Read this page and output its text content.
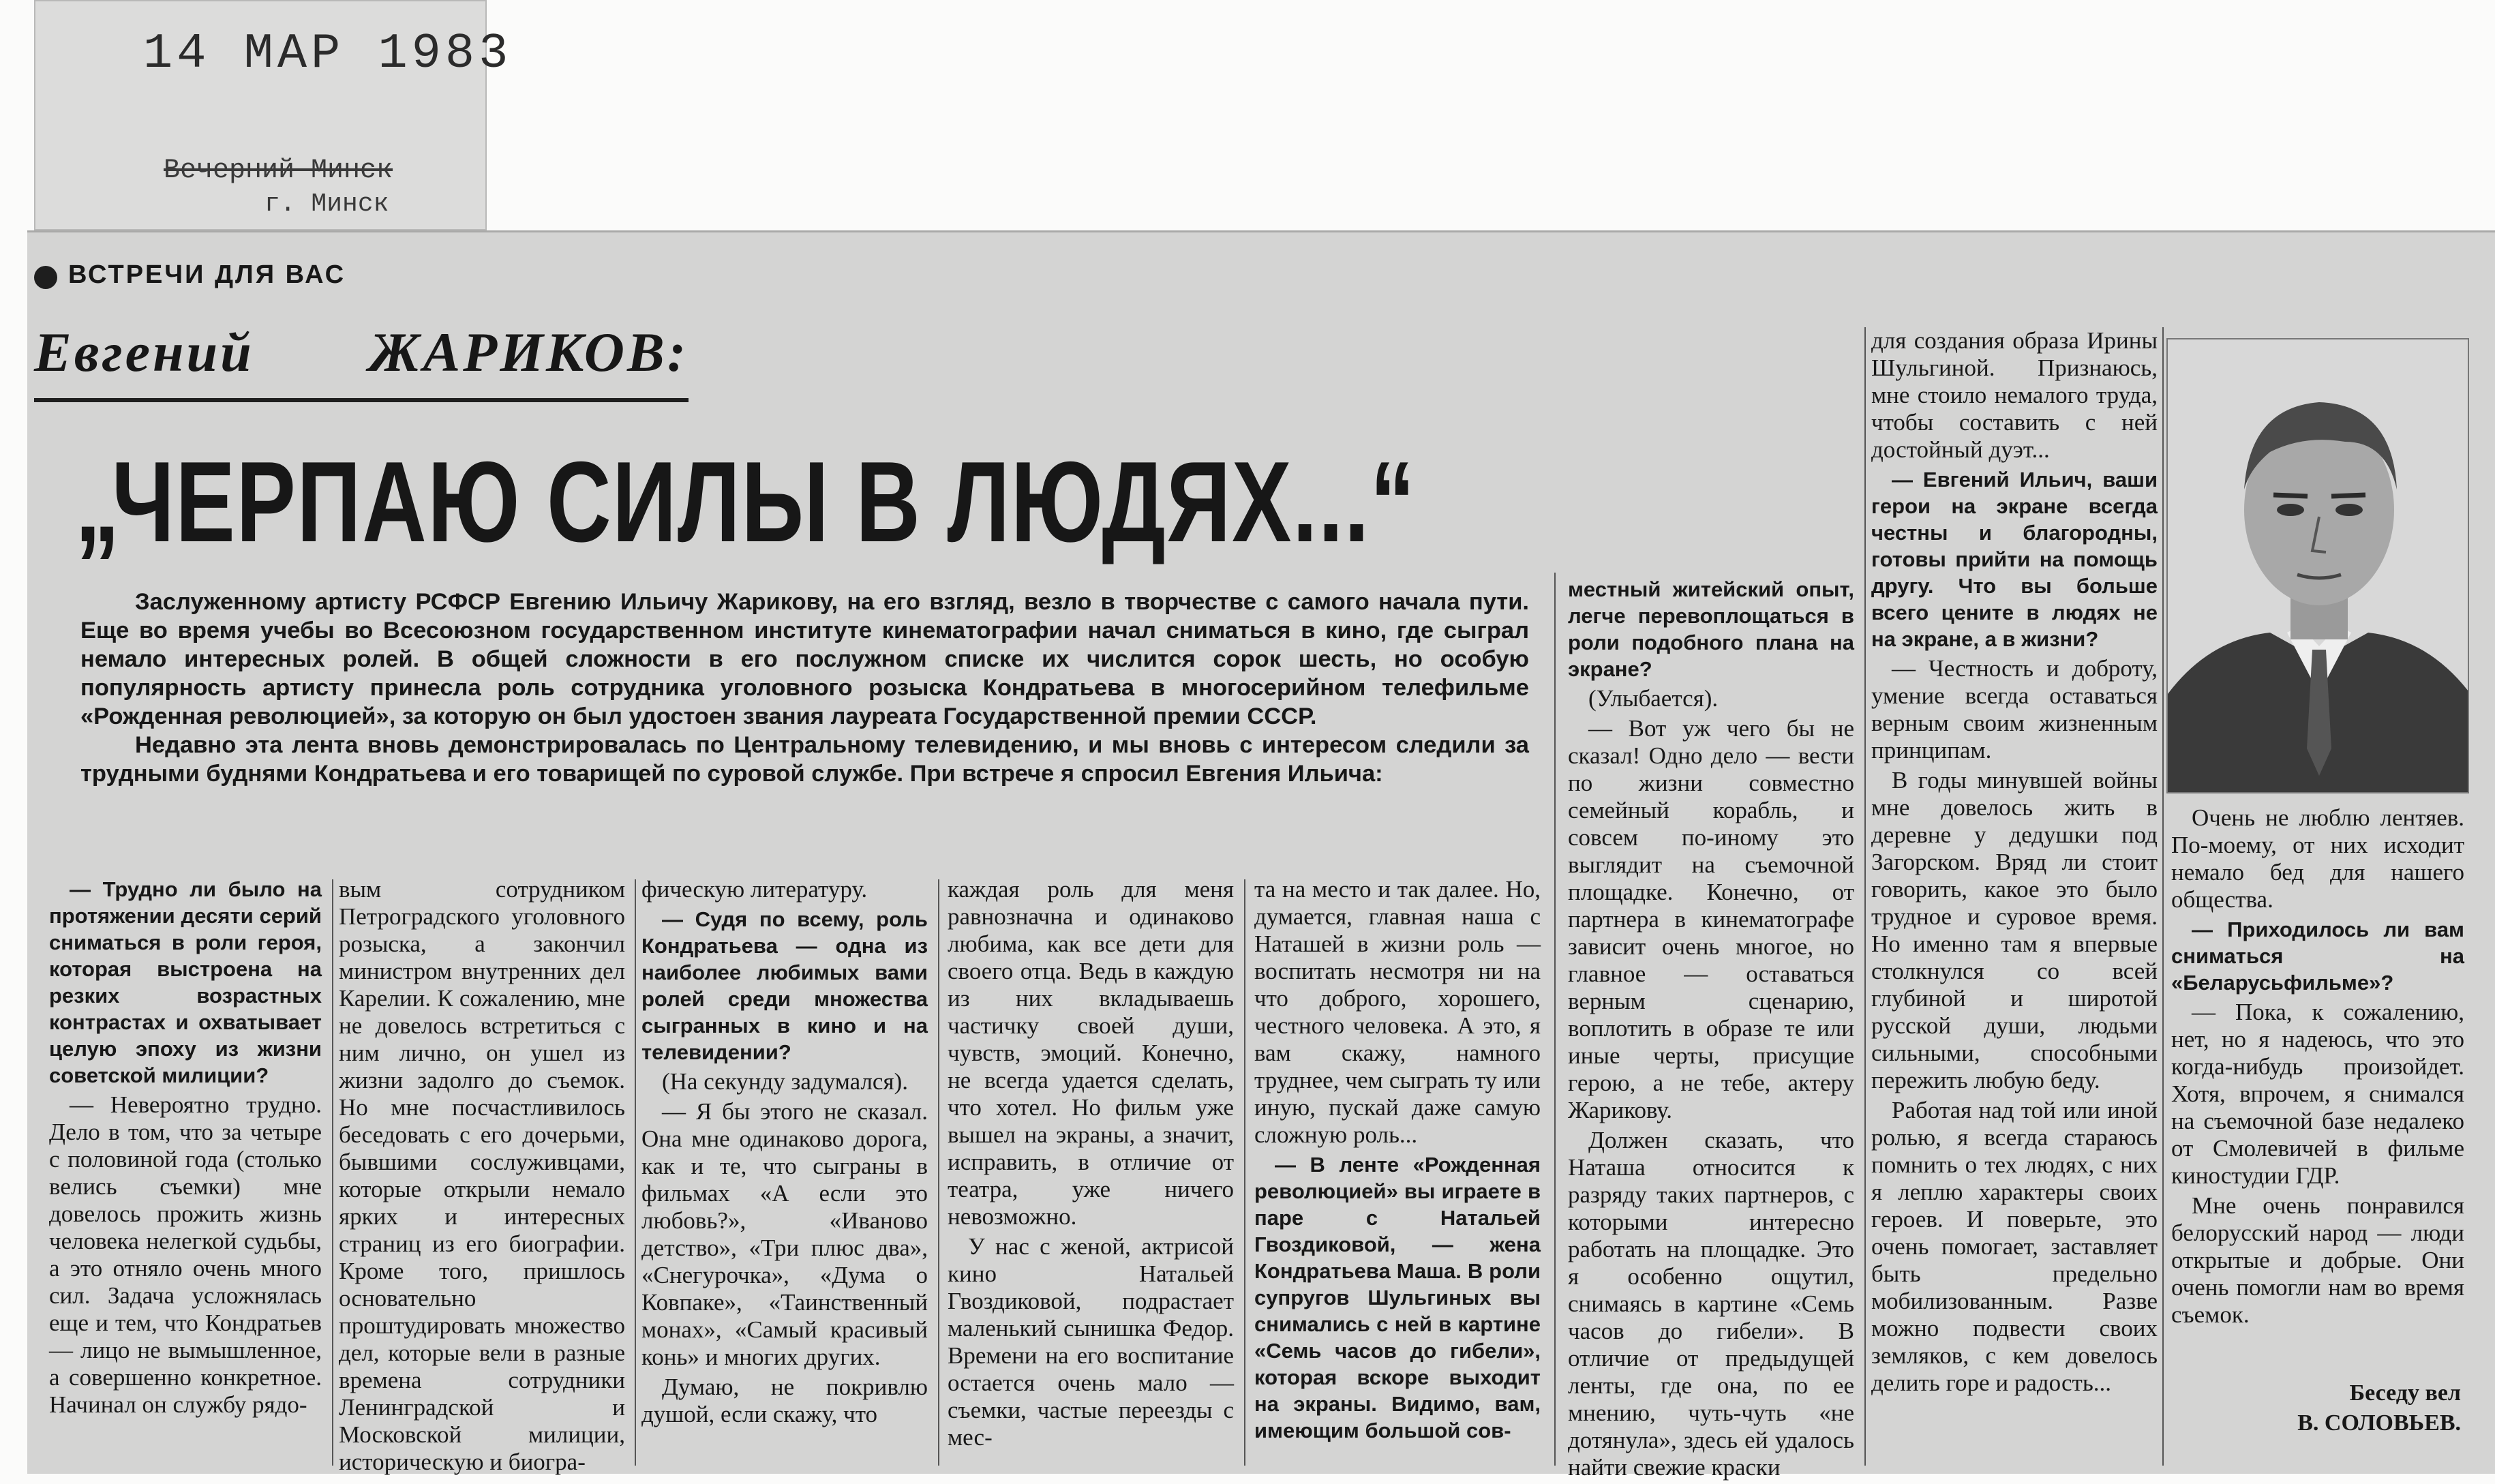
14 МАР 1983
Вечерний Минск
г. Минск
ВСТРЕЧИ ДЛЯ ВАС
Евгений ЖАРИКОВ:
„ЧЕРПАЮ СИЛЫ В ЛЮДЯХ...“

Заслуженному артисту РСФСР Евгению Ильичу Жарикову, на его взгляд, везло в творчестве с самого начала пути. Еще во время учебы во Всесоюзном государственном институте кинематографии начал сниматься в кино, где сыграл немало интересных ролей. В общей сложности в его послужном списке их числится сорок шесть, но особую популярность артисту принесла роль сотрудника уголовного розыска Кондратьева в многосерийном телефильме «Рожденная революцией», за которую он был удостоен звания лауреата Государственной премии СССР.

Недавно эта лента вновь демонстрировалась по Центральному телевидению, и мы вновь с интересом следили за трудными буднями Кондратьева и его товарищей по суровой службе. При встрече я спросил Евгения Ильича:

— Трудно ли было на протяжении десяти серий сниматься в роли героя, которая выстроена на резких возрастных контрастах и охватывает целую эпоху из жизни советской милиции?

— Невероятно трудно. Дело в том, что за четыре с половиной года (столько велись съемки) мне довелось прожить жизнь человека нелегкой судьбы, а это отняло очень много сил. Задача усложнялась еще и тем, что Кондратьев — лицо не вымышленное, а совершенно конкретное. Начинал он службу рядо-

вым сотрудником Петроградского уголовного розыска, а закончил министром внутренних дел Карелии. К сожалению, мне не довелось встретиться с ним лично, он ушел из жизни задолго до съемок. Но мне посчастливилось беседовать с его дочерьми, бывшими сослуживцами, которые открыли немало ярких и интересных страниц из его биографии. Кроме того, пришлось основательно проштудировать множество дел, которые вели в разные времена сотрудники Ленинградской и Московской милиции, историческую и биогра-

фическую литературу.

— Судя по всему, роль Кондратьева — одна из наиболее любимых вами ролей среди множества сыгранных в кино и на телевидении?

(На секунду задумался).

— Я бы этого не сказал. Она мне одинаково дорога, как и те, что сыграны в фильмах «А если это любовь?», «Иваново детство», «Три плюс два», «Снегурочка», «Дума о Ковпаке», «Таинственный монах», «Самый красивый конь» и многих других.

Думаю, не покривлю душой, если скажу, что

каждая роль для меня равнозначна и одинаково любима, как все дети для своего отца. Ведь в каждую из них вкладываешь частичку своей души, чувств, эмоций. Конечно, не всегда удается сделать, что хотел. Но фильм уже вышел на экраны, а значит, исправить, в отличие от театра, уже ничего невозможно.

У нас с женой, актрисой кино Натальей Гвоздиковой, подрастает маленький сынишка Федор. Времени на его воспитание остается очень мало — съемки, частые переезды с мес-

та на место и так далее. Но, думается, главная наша с Наташей в жизни роль — воспитать несмотря ни на что доброго, хорошего, честного человека. А это, я вам скажу, намного труднее, чем сыграть ту или иную, пускай даже самую сложную роль...

— В ленте «Рожденная революцией» вы играете в паре с Натальей Гвоздиковой, — жена Кондратьева Маша. В роли супругов Шульгиных вы снимались с ней в картине «Семь часов до гибели», которая вскоре выходит на экраны. Видимо, вам, имеющим большой сов-

местный житейский опыт, легче перевоплощаться в роли подобного плана на экране?

(Улыбается).

— Вот уж чего бы не сказал! Одно дело — вести по жизни совместно семейный корабль, и совсем по-иному это выглядит на съемочной площадке. Конечно, от партнера в кинематографе зависит очень многое, но главное — оставаться верным сценарию, воплотить в образе те или иные черты, присущие герою, а не тебе, актеру Жарикову.

Должен сказать, что Наташа относится к разряду таких партнеров, с которыми интересно работать на площадке. Это я особенно ощутил, снимаясь в картине «Семь часов до гибели». В отличие от предыдущей ленты, где она, по ее мнению, чуть-чуть «не дотянула», здесь ей удалось найти свежие краски

для создания образа Ирины Шульгиной. Признаюсь, мне стоило немалого труда, чтобы составить с ней достойный дуэт...

— Евгений Ильич, ваши герои на экране всегда честны и благородны, готовы прийти на помощь другу. Что вы больше всего цените в людях не на экране, а в жизни?

— Честность и доброту, умение всегда оставаться верным своим жизненным принципам.

В годы минувшей войны мне довелось жить в деревне у дедушки под Загорском. Вряд ли стоит говорить, какое это было трудное и суровое время. Но именно там я впервые столкнулся со всей глубиной и широтой русской души, людьми сильными, способными пережить любую беду.

Работая над той или иной ролью, я всегда стараюсь помнить о тех людях, с них я леплю характеры своих героев. И поверьте, это очень помогает, заставляет быть предельно мобилизованным. Разве можно подвести своих земляков, с кем довелось делить горе и радость...

Очень не люблю лентяев. По-моему, от них исходит немало бед для нашего общества.

— Приходилось ли вам сниматься на «Беларусьфильме»?

— Пока, к сожалению, нет, но я надеюсь, что это когда-нибудь произойдет. Хотя, впрочем, я снимался на съемочной базе недалеко от Смолевичей в фильме киностудии ГДР.

Мне очень понравился белорусский народ — люди открытые и добрые. Они очень помогли нам во время съемок.

Беседу вел
В. СОЛОВЬЕВ.
